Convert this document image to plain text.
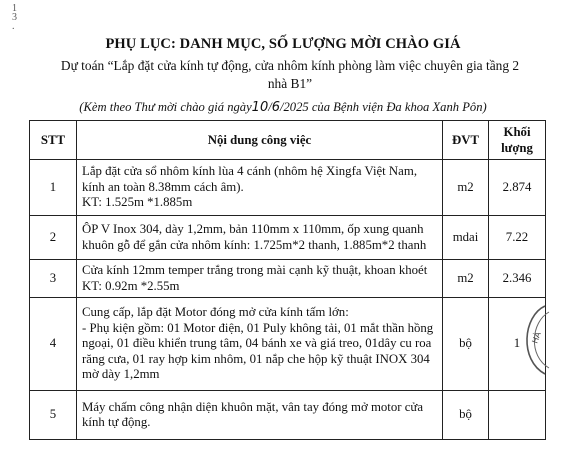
1
3
.
PHỤ LỤC: DANH MỤC, SỐ LƯỢNG MỜI CHÀO GIÁ
Dự toán “Lắp đặt cửa kính tự động, cửa nhôm kính phòng làm việc chuyên gia tầng 2 nhà B1”
(Kèm theo Thư mời chào giá ngày10/6/2025 của Bệnh viện Đa khoa Xanh Pôn)
STT	Nội dung công việc	ĐVT	Khối lượng
1	Lắp đặt cửa sổ nhôm kính lùa 4 cánh (nhôm hệ Xingfa Việt Nam, kính an toàn 8.38mm cách âm).
KT: 1.525m *1.885m	m2	2.874
2	ÔP V Inox 304, dày 1,2mm, bản 110mm x 110mm, ốp xung quanh khuôn gỗ để gắn cửa nhôm kính: 1.725m*2 thanh, 1.885m*2 thanh	mdai	7.22
3	Cửa kính 12mm temper trắng trong mài cạnh kỹ thuật, khoan khoét
KT: 0.92m *2.55m	m2	2.346
4	Cung cấp, lắp đặt Motor đóng mở cửa kính tấm lớn:
- Phụ kiện gồm: 01 Motor điện, 01 Puly không tải, 01 mắt thần hồng ngoại, 01 điều khiển trung tâm, 04 bánh xe và giá treo, 01dây cu roa răng cưa, 01 ray hợp kim nhôm, 01 nắp che hộp kỹ thuật INOX 304 mờ dày 1,2mm	bộ	1 HÀ

5	Máy chấm công nhận diện khuôn mặt, vân tay đóng mở motor cửa kính tự động.	bộ	
